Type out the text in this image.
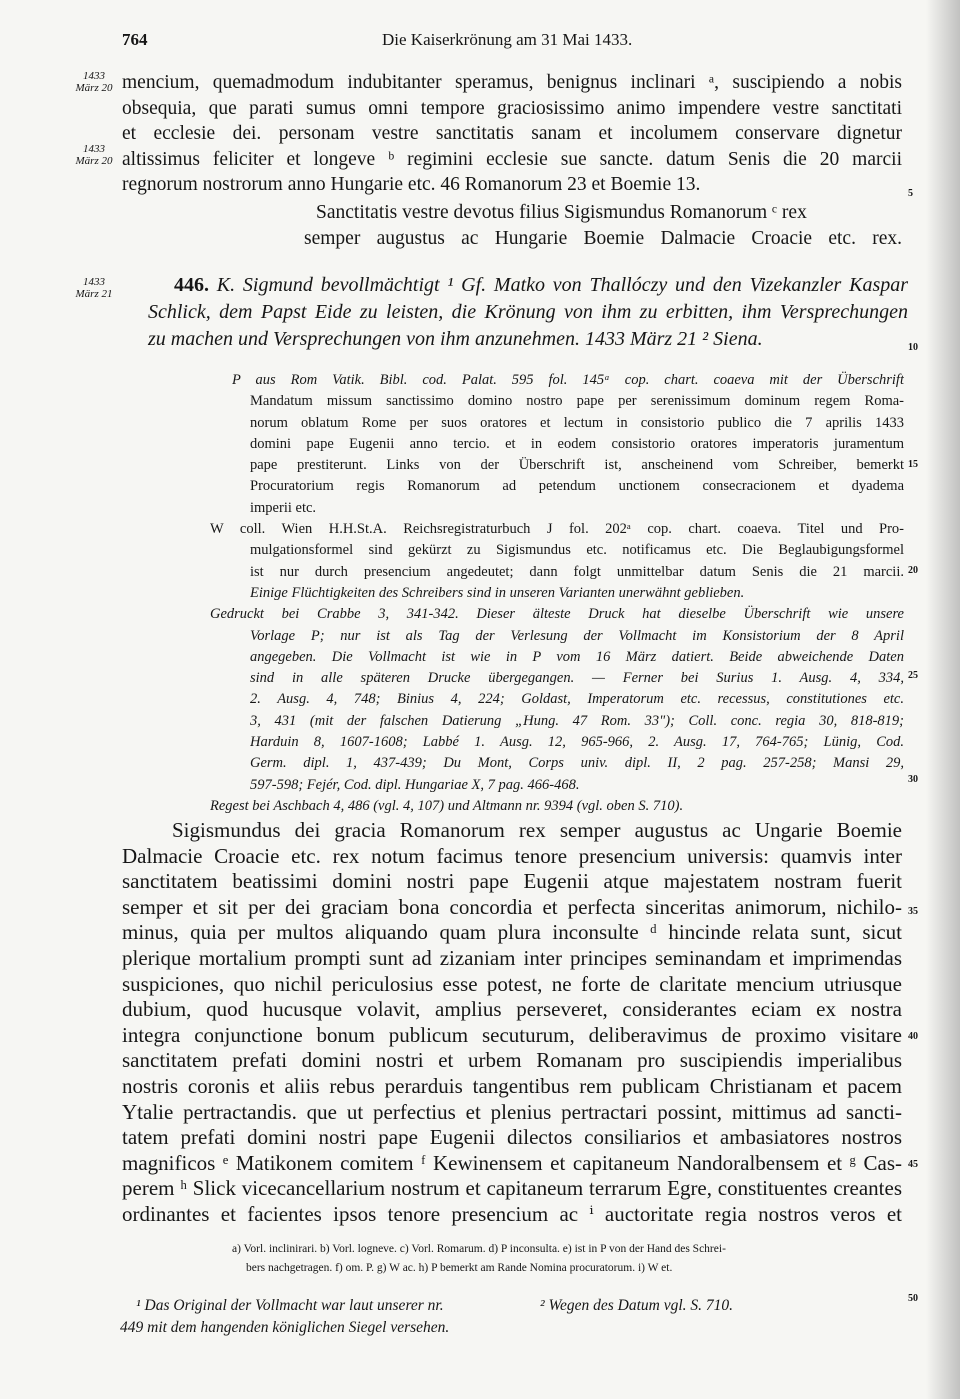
764	Die Kaiserkrönung am 31 Mai 1433.
1433
März 20
1433
März 20
1433
März 21
5
10
15
20
25
30
35
40
45
50
mencium, quemadmodum indubitanter speramus, benignus inclinari ᵃ, suscipiendo a nobis
obsequia, que parati sumus omni tempore graciosissimo animo impendere vestre sanctitati
et ecclesie dei. personam vestre sanctitatis sanam et incolumem conservare dignetur
altissimus feliciter et longeve ᵇ regimini ecclesie sue sancte. datum Senis die 20 marcii
regnorum nostrorum anno Hungarie etc. 46 Romanorum 23 et Boemie 13.
Sanctitatis vestre devotus filius Sigismundus Romanorum ᶜ rex
semper augustus ac Hungarie Boemie Dalmacie Croacie etc. rex.
446. K. Sigmund bevollmächtigt ¹ Gf. Matko von Thallóczy und den Vizekanzler Kaspar
Schlick, dem Papst Eide zu leisten, die Krönung von ihm zu erbitten, ihm Versprechungen
zu machen und Versprechungen von ihm anzunehmen. 1433 März 21 ² Siena.
P aus Rom Vatik. Bibl. cod. Palat. 595 fol. 145ᵃ cop. chart. coaeva mit der Überschrift
Mandatum missum sanctissimo domino nostro pape per serenissimum dominum regem Roma-
norum oblatum Rome per suos oratores et lectum in consistorio publico die 7 aprilis 1433
domini pape Eugenii anno tercio. et in eodem consistorio oratores imperatoris juramentum
pape prestiterunt. Links von der Überschrift ist, anscheinend vom Schreiber, bemerkt
Procuratorium regis Romanorum ad petendum unctionem consecracionem et dyadema
imperii etc.
W coll. Wien H.H.St.A. Reichsregistraturbuch J fol. 202ᵃ cop. chart. coaeva. Titel und Pro-
mulgationsformel sind gekürzt zu Sigismundus etc. notificamus etc. Die Beglaubigungsformel
ist nur durch presencium angedeutet; dann folgt unmittelbar datum Senis die 21 marcii.
Einige Flüchtigkeiten des Schreibers sind in unseren Varianten unerwähnt geblieben.
Gedruckt bei Crabbe 3, 341-342. Dieser älteste Druck hat dieselbe Überschrift wie unsere
Vorlage P; nur ist als Tag der Verlesung der Vollmacht im Konsistorium der 8 April
angegeben. Die Vollmacht ist wie in P vom 16 März datiert. Beide abweichende Daten
sind in alle späteren Drucke übergegangen. — Ferner bei Surius 1. Ausg. 4, 334,
2. Ausg. 4, 748; Binius 4, 224; Goldast, Imperatorum etc. recessus, constitutiones etc.
3, 431 (mit der falschen Datierung „Hung. 47 Rom. 33"); Coll. conc. regia 30, 818-819;
Harduin 8, 1607-1608; Labbé 1. Ausg. 12, 965-966, 2. Ausg. 17, 764-765; Lünig, Cod.
Germ. dipl. 1, 437-439; Du Mont, Corps univ. dipl. II, 2 pag. 257-258; Mansi 29,
597-598; Fejér, Cod. dipl. Hungariae X, 7 pag. 466-468.
Regest bei Aschbach 4, 486 (vgl. 4, 107) und Altmann nr. 9394 (vgl. oben S. 710).
Sigismundus dei gracia Romanorum rex semper augustus ac Ungarie Boemie
Dalmacie Croacie etc. rex notum facimus tenore presencium universis: quamvis inter
sanctitatem beatissimi domini nostri pape Eugenii atque majestatem nostram fuerit
semper et sit per dei graciam bona concordia et perfecta sinceritas animorum, nichilo-
minus, quia per multos aliquando quam plura inconsulte ᵈ hincinde relata sunt, sicut
plerique mortalium prompti sunt ad zizaniam inter principes seminandam et imprimendas
suspiciones, quo nichil periculosius esse potest, ne forte de claritate mencium utriusque
dubium, quod hucusque volavit, amplius perseveret, considerantes eciam ex nostra
integra conjunctione bonum publicum secuturum, deliberavimus de proximo visitare
sanctitatem prefati domini nostri et urbem Romanam pro suscipiendis imperialibus
nostris coronis et aliis rebus perarduis tangentibus rem publicam Christianam et pacem
Ytalie pertractandis. que ut perfectius et plenius pertractari possint, mittimus ad sancti-
tatem prefati domini nostri pape Eugenii dilectos consiliarios et ambasiatores nostros
magnificos ᵉ Matikonem comitem ᶠ Kewinensem et capitaneum Nandoralbensem et ᵍ Cas-
perem ʰ Slick vicecancellarium nostrum et capitaneum terrarum Egre, constituentes creantes
ordinantes et facientes ipsos tenore presencium ac ⁱ auctoritate regia nostros veros et
a) Vorl. inclinirari. b) Vorl. logneve. c) Vorl. Romarum. d) P inconsulta. e) ist in P von der Hand des Schrei-
bers nachgetragen. f) om. P. g) W ac. h) P bemerkt am Rande Nomina procuratorum. i) W et.
¹ Das Original der Vollmacht war laut unserer nr.
449 mit dem hangenden königlichen Siegel versehen.
² Wegen des Datum vgl. S. 710.
